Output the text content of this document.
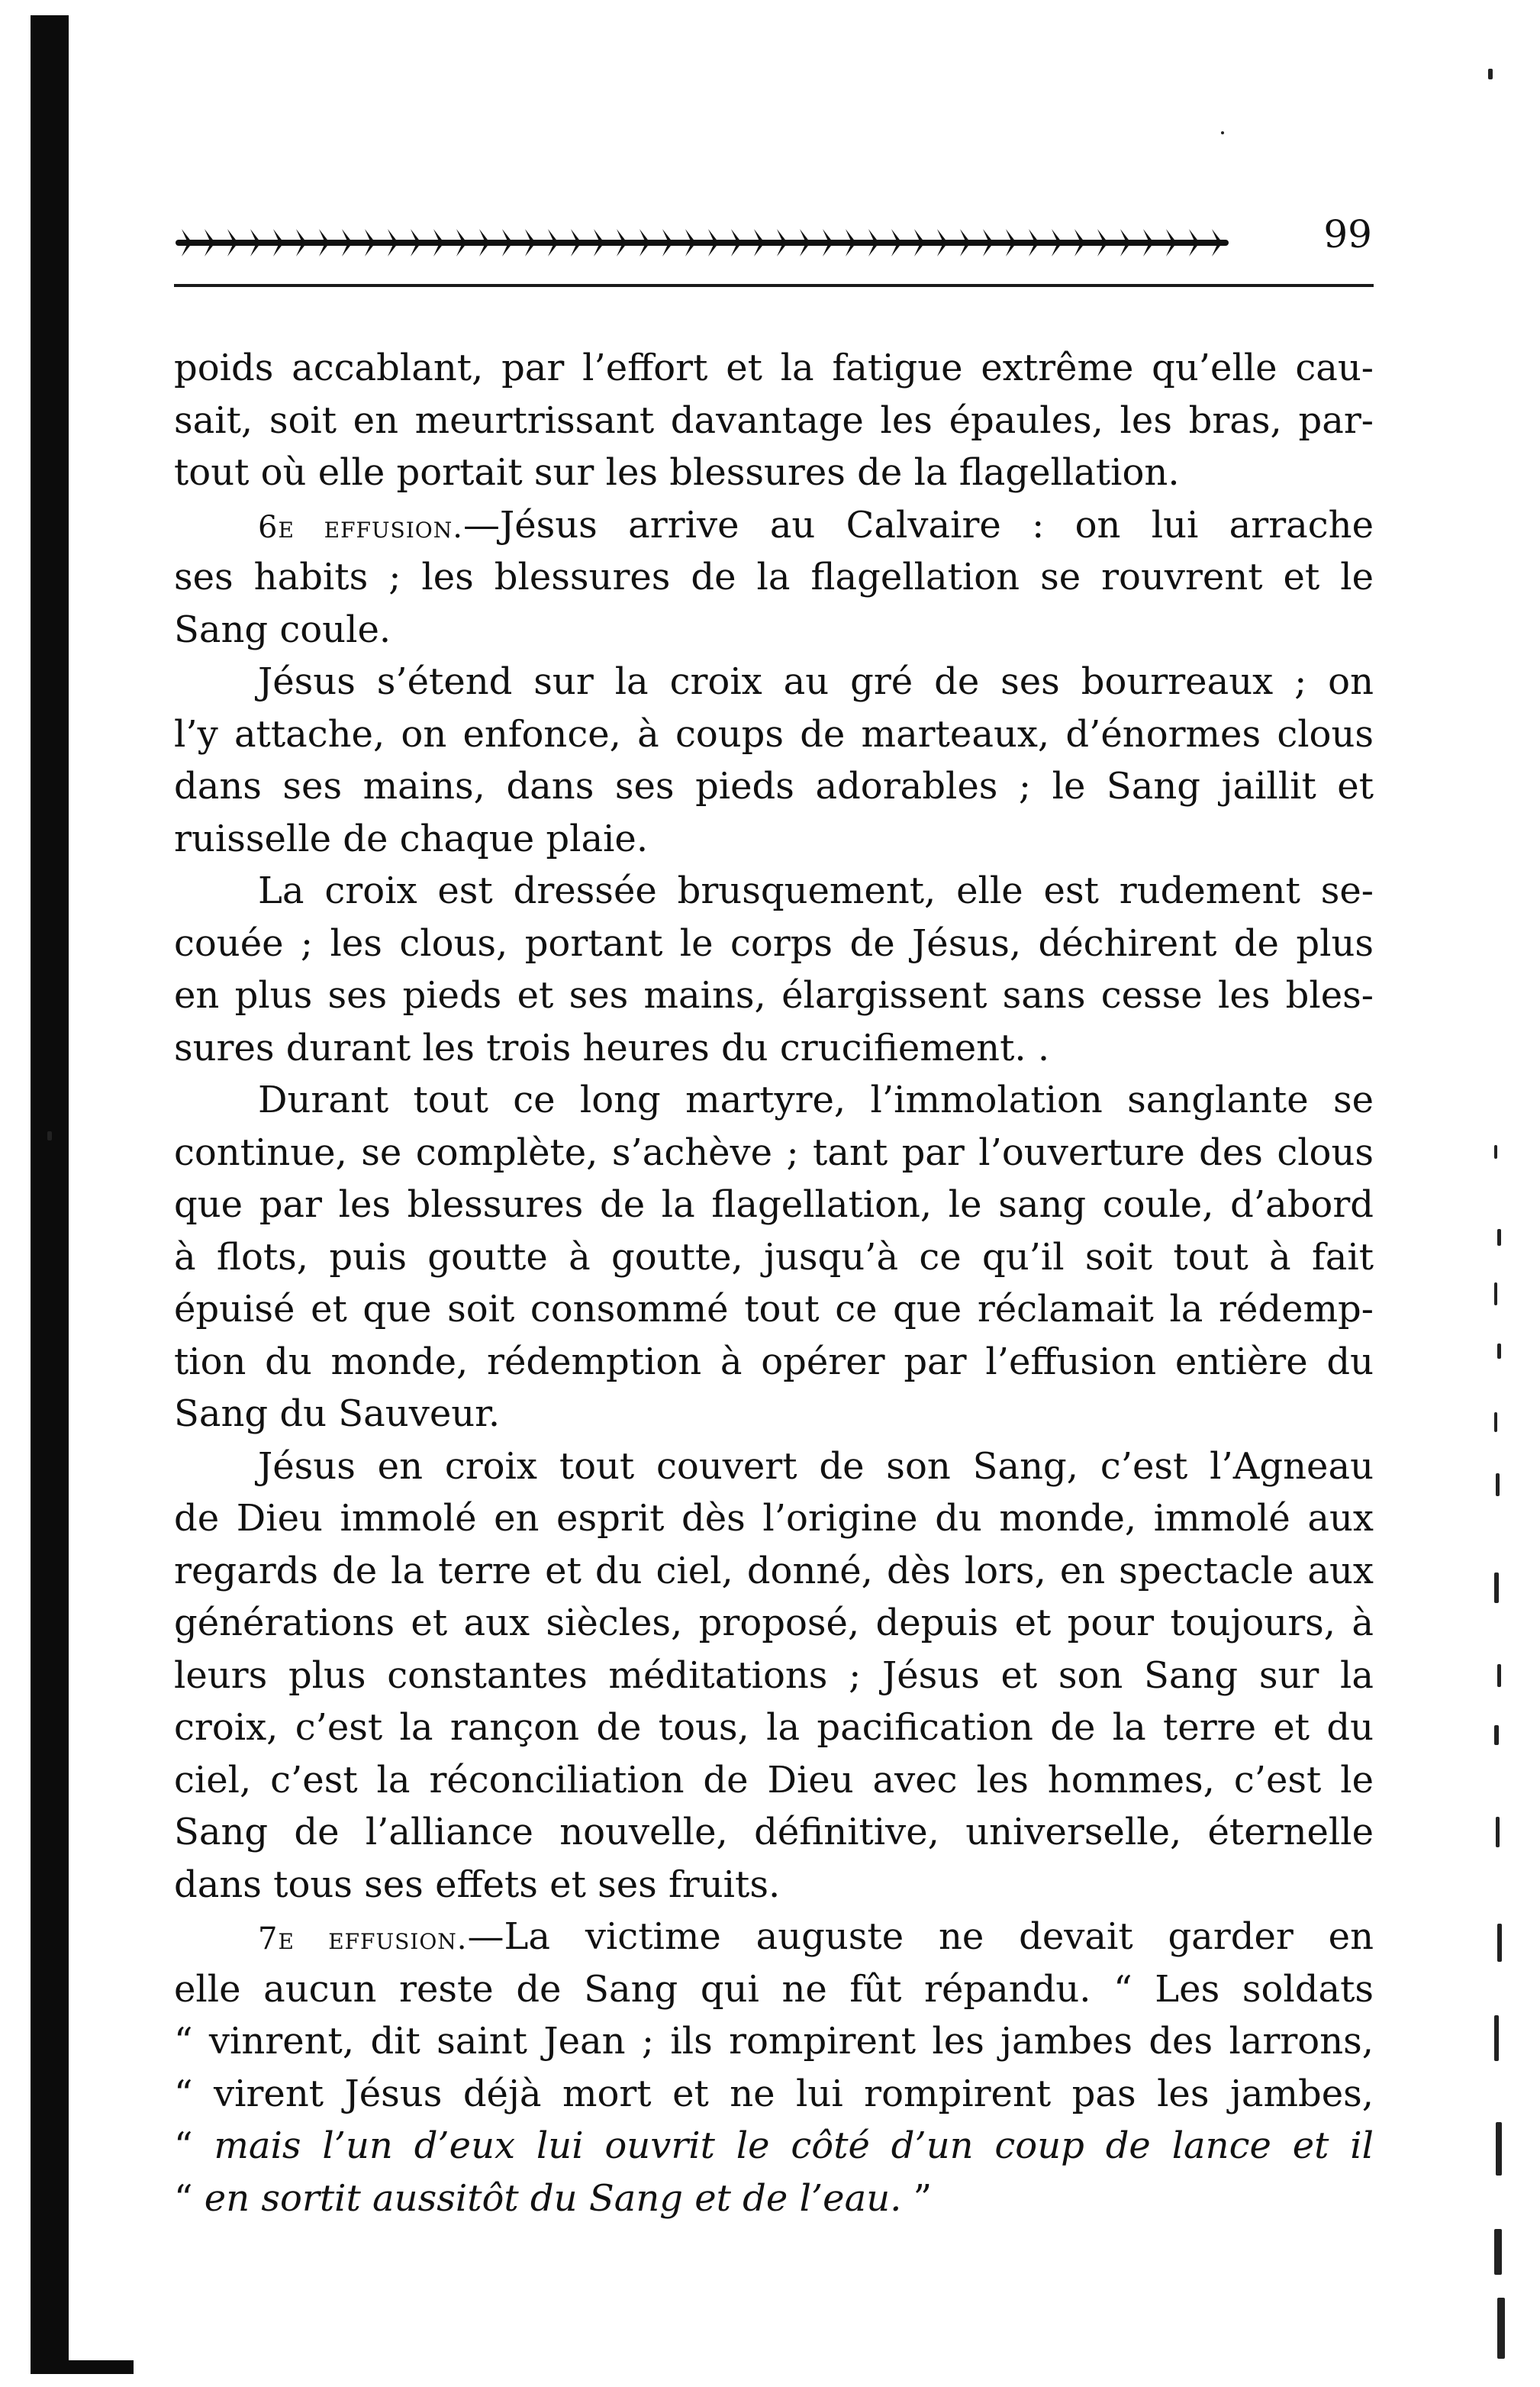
99
poids accablant, par l’effort et la fatigue extrême qu’elle cau-
sait, soit en meurtrissant davantage les épaules, les bras, par-
tout où elle portait sur les blessures de la flagellation.
6e effusion.—Jésus arrive au Calvaire : on lui arrache
ses habits ; les blessures de la flagellation se rouvrent et le
Sang coule.
Jésus s’étend sur la croix au gré de ses bourreaux ; on
l’y attache, on enfonce, à coups de marteaux, d’énormes clous
dans ses mains, dans ses pieds adorables ; le Sang jaillit et
ruisselle de chaque plaie.
La croix est dressée brusquement, elle est rudement se-
couée ; les clous, portant le corps de Jésus, déchirent de plus
en plus ses pieds et ses mains, élargissent sans cesse les bles-
sures durant les trois heures du crucifiement. .
Durant tout ce long martyre, l’immolation sanglante se
continue, se complète, s’achève ; tant par l’ouverture des clous
que par les blessures de la flagellation, le sang coule, d’abord
à flots, puis goutte à goutte, jusqu’à ce qu’il soit tout à fait
épuisé et que soit consommé tout ce que réclamait la rédemp-
tion du monde, rédemption à opérer par l’effusion entière du
Sang du Sauveur.
Jésus en croix tout couvert de son Sang, c’est l’Agneau
de Dieu immolé en esprit dès l’origine du monde, immolé aux
regards de la terre et du ciel, donné, dès lors, en spectacle aux
générations et aux siècles, proposé, depuis et pour toujours, à
leurs plus constantes méditations ; Jésus et son Sang sur la
croix, c’est la rançon de tous, la pacification de la terre et du
ciel, c’est la réconciliation de Dieu avec les hommes, c’est le
Sang de l’alliance nouvelle, définitive, universelle, éternelle
dans tous ses effets et ses fruits.
7e effusion.—La victime auguste ne devait garder en
elle aucun reste de Sang qui ne fût répandu. “ Les soldats
“ vinrent, dit saint Jean ; ils rompirent les jambes des larrons,
“ virent Jésus déjà mort et ne lui rompirent pas les jambes,
“ mais l’un d’eux lui ouvrit le côté d’un coup de lance et il
“ en sortit aussitôt du Sang et de l’eau. ”
